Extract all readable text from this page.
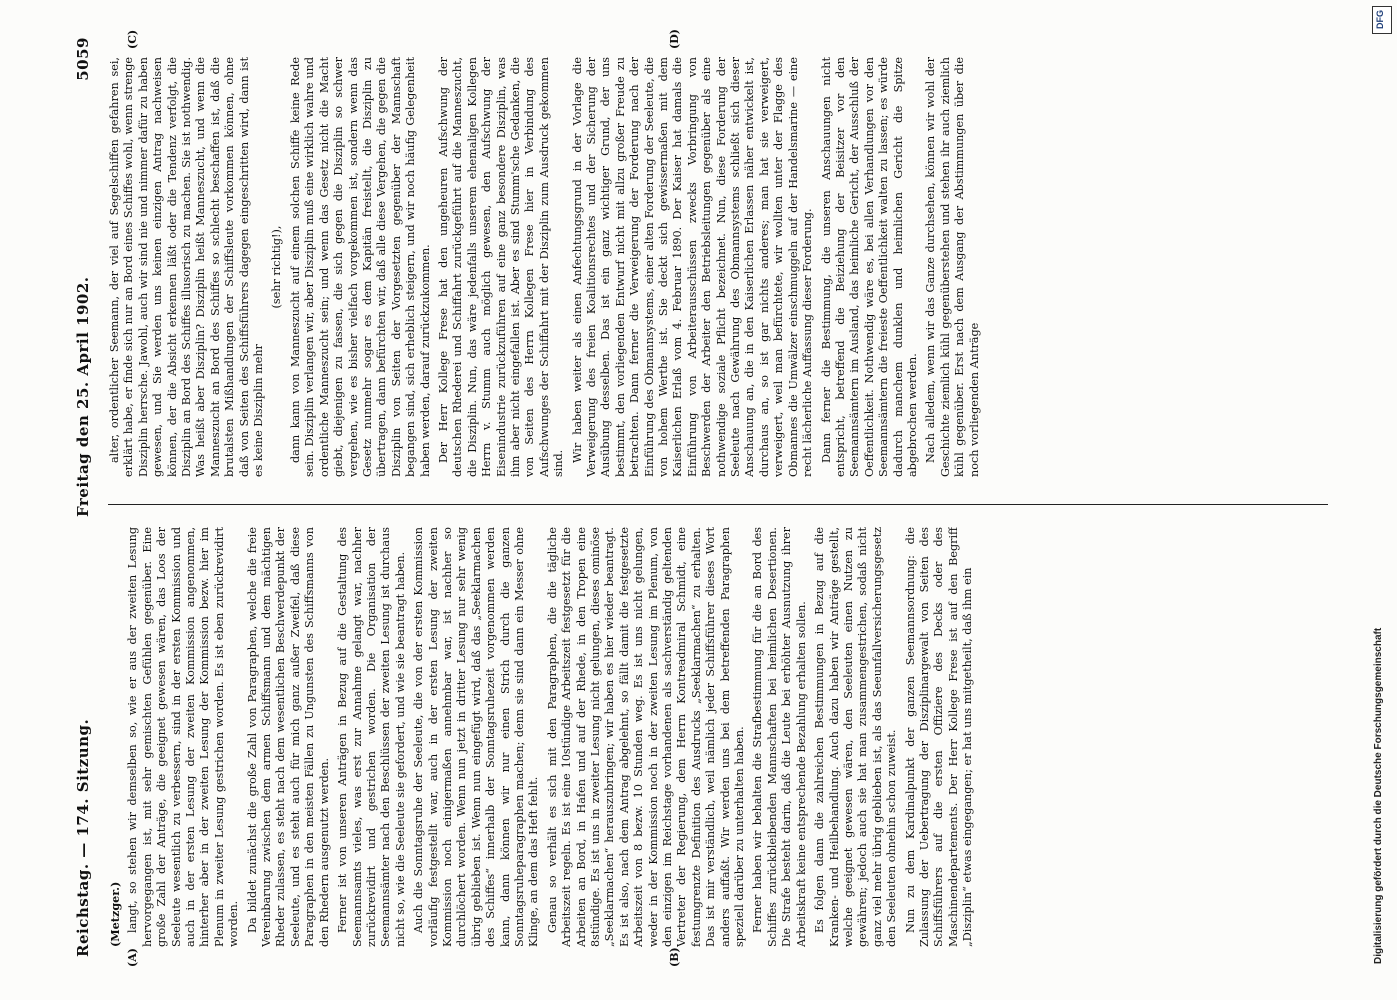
Reichstag. — 174. Sitzung.
Freitag den 25. April 1902.
5059

(Metzger.) langt, so stehen wir demselben so, wie er aus der zweiten Lesung hervorgegangen ist, mit sehr gemischten Gefühlen gegenüber. Eine große Zahl der Anträge, die geeignet gewesen wären, das Loos der Seeleute wesentlich zu verbessern, sind in der ersten Kommission und auch in der ersten Lesung der zweiten Kommission angenommen, hinterher aber in der zweiten Lesung der Kommission bezw. hier im Plenum in zweiter Lesung gestrichen worden. Es ist eben zurückrevidirt worden. Da bildet zunächst die große Zahl von Paragraphen, welche die freie Vereinbarung zwischen dem armen Schiffsmann und dem mächtigen Rheder zulassen, es steht nach dem wesentlichen Beschwerdepunkt der Seeleute, und es steht auch für mich ganz außer Zweifel, daß diese Paragraphen in den meisten Fällen zu Ungunsten des Schiffsmanns von den Rhedern ausgenutzt werden. Ferner ist von unseren Anträgen in Bezug auf die Gestaltung des Seemannsamts vieles, was erst zur Annahme gelangt war, nachher zurückrevidirt und gestrichen worden. Die Organisation der Seemannsämter nach den Beschlüssen der zweiten Lesung ist durchaus nicht so, wie die Seeleute sie gefordert, und wie sie beantragt haben. Auch die Sonntagsruhe der Seeleute, die von der ersten Kommission vorläufig festgestellt war, auch in der ersten Lesung der zweiten Kommission noch einigermaßen annehmbar war, ist nachher so durchlöchert worden. Wenn nun jetzt in dritter Lesung nur sehr wenig übrig geblieben ist. Wenn nun eingefügt wird, daß das „Seeklarmachen des Schiffes“ innerhalb der Sonntagsruhezeit vorgenommen werden kann, dann können wir nur einen Strich durch die ganzen Sonntagsruheparagraphen machen; denn sie sind dann ein Messer ohne Klinge, an dem das Heft fehlt. Genau so verhält es sich mit den Paragraphen, die die tägliche Arbeitszeit regeln. Es ist eine 10stündige Arbeitszeit festgesetzt für die Arbeiten an Bord, in Hafen und auf der Rhede, in den Tropen eine 8stündige. Es ist uns in zweiter Lesung nicht gelungen, dieses ominöse „Seeklarmachen“ herauszubringen; wir haben es hier wieder beantragt. Es ist also, nach dem Antrag abgelehnt, so fällt damit die festgesetzte Arbeitszeit von 8 bezw. 10 Stunden weg. Es ist uns nicht gelungen, weder in der Kommission noch in der zweiten Lesung im Plenum, von den einzigen im Reichstage vorhandenen als sachverständig geltenden Vertreter der Regierung, dem Herrn Kontreadmiral Schmidt, eine festumgrenzte Definition des Ausdrucks „Seeklarmachen“ zu erhalten. Das ist mir verständlich, weil nämlich jeder Schiffsführer dieses Wort anders auffaßt. Wir werden uns bei dem betreffenden Paragraphen speziell darüber zu unterhalten haben. Ferner haben wir behalten die Strafbestimmung für die an Bord des Schiffes zurückbleibenden Mannschaften bei heimlichen Desertionen. Die Strafe besteht darin, daß die Leute bei erhöhter Ausnutzung ihrer Arbeitskraft keine entsprechende Bezahlung erhalten sollen. Es folgen dann die zahlreichen Bestimmungen in Bezug auf die Kranken- und Heilbehandlung. Auch dazu haben wir Anträge gestellt, welche geeignet gewesen wären, den Seeleuten einen Nutzen zu gewähren; jedoch auch sie hat man zusammengestrichen, sodaß nicht ganz viel mehr übrig geblieben ist, als das Seeunfallversicherungsgesetz den Seeleuten ohnehin schon zuweist. Nun zu dem Kardinalpunkt der ganzen Seemannsordnung: die Zulassung der Uebertragung der Disziplinargewalt von Seiten des Schiffsführers auf die ersten Offiziere des Decks oder des Maschinendepartements. Der Herr Kollege Frese ist auf den Begriff „Disziplin“ etwas eingegangen; er hat uns mitgetheilt, daß ihm ein

(A)	(B)

alter, ordentlicher Seemann, der viel auf Segelschiffen gefahren sei, erklärt habe, er finde sich nur an Bord eines Schiffes wohl, wenn strenge Disziplin herrsche. Jawohl, auch wir sind nie und nimmer dafür zu haben gewesen, und Sie werden uns keinen einzigen Antrag nachweisen können, der die Absicht erkennen läßt oder die Tendenz verfolgt, die Disziplin an Bord des Schiffes illusorisch zu machen. Sie ist nothwendig. Was heißt aber Disziplin? Disziplin heißt Manneszucht, und wenn die Manneszucht an Bord des Schiffes so schlecht beschaffen ist, daß die brutalsten Mißhandlungen der Schiffsleute vorkommen können, ohne daß von Seiten des Schiffsführers dagegen eingeschritten wird, dann ist es keine Disziplin mehr

(sehr richtig!), dann kann von Manneszucht auf einem solchen Schiffe keine Rede sein. Disziplin verlangen wir, aber Disziplin muß eine wirklich wahre und ordentliche Manneszucht sein; und wenn das Gesetz nicht die Macht giebt, diejenigen zu fassen, die sich gegen die Disziplin so schwer vergehen, wie es bisher vielfach vorgekommen ist, sondern wenn das Gesetz nunmehr sogar es dem Kapitän freistellt, die Disziplin zu übertragen, dann befürchten wir, daß alle diese Vergehen, die gegen die Disziplin von Seiten der Vorgesetzten gegenüber der Mannschaft begangen sind, sich erheblich steigern, und wir noch häufig Gelegenheit haben werden, darauf zurückzukommen. Der Herr Kollege Frese hat den ungeheuren Aufschwung der deutschen Rhederei und Schiffahrt zurückgeführt auf die Manneszucht, die Disziplin. Nun, das wäre jedenfalls unserem ehemaligen Kollegen Herrn v. Stumm auch möglich gewesen, den Aufschwung der Eisenindustrie zurückzuführen auf eine ganz besondere Disziplin, was ihm aber nicht eingefallen ist. Aber es sind Stumm'sche Gedanken, die von Seiten des Herrn Kollegen Frese hier in Verbindung des Aufschwunges der Schiffahrt mit der Disziplin zum Ausdruck gekommen sind.

Wir haben weiter als einen Anfechtungsgrund in der Vorlage die Verweigerung des freien Koalitionsrechtes und der Sicherung der Ausübung desselben. Das ist ein ganz wichtiger Grund, der uns bestimmt, den vorliegenden Entwurf nicht mit allzu großer Freude zu betrachten. Dann ferner die Verweigerung der Forderung nach der Einführung des Obmannsystems, einer alten Forderung der Seeleute, die von hohem Werthe ist. Sie deckt sich gewissermaßen mit dem Kaiserlichen Erlaß vom 4. Februar 1890. Der Kaiser hat damals die Einführung von Arbeiterausschüssen zwecks Vorbringung von Beschwerden der Arbeiter den Betriebsleitungen gegenüber als eine nothwendige soziale Pflicht bezeichnet. Nun, diese Forderung der Seeleute nach Gewährung des Obmannsystems schließt sich dieser Anschauung an, die in den Kaiserlichen Erlassen näher entwickelt ist, durchaus an, so ist gar nichts anderes; man hat sie verweigert, verweigert, weil man befürchtete, wir wollten unter der Flagge des Obmannes die Umwälzer einschmuggeln auf der Handelsmarine — eine recht lächerliche Auffassung dieser Forderung. Dann ferner die Bestimmung, die unseren Anschauungen nicht entspricht, betreffend die Beiziehung der Beisitzer vor den Seemannsämtern im Ausland, das heimliche Gericht, der Ausschluß der Oeffentlichkeit. Nothwendig wäre es, bei allen Verhandlungen vor den Seemannsämtern die freieste Oeffentlichkeit walten zu lassen; es würde dadurch manchem dunklen und heimlichen Gericht die Spitze abgebrochen werden. Nach alledem, wenn wir das Ganze durchsehen, können wir wohl der Geschichte ziemlich kühl gegenüberstehen und stehen ihr auch ziemlich kühl gegenüber. Erst nach dem Ausgang der Abstimmungen über die noch vorliegenden Anträge

(C)	(D)
DFG
Digitalisierung gefördert durch die Deutsche Forschungsgemeinschaft
